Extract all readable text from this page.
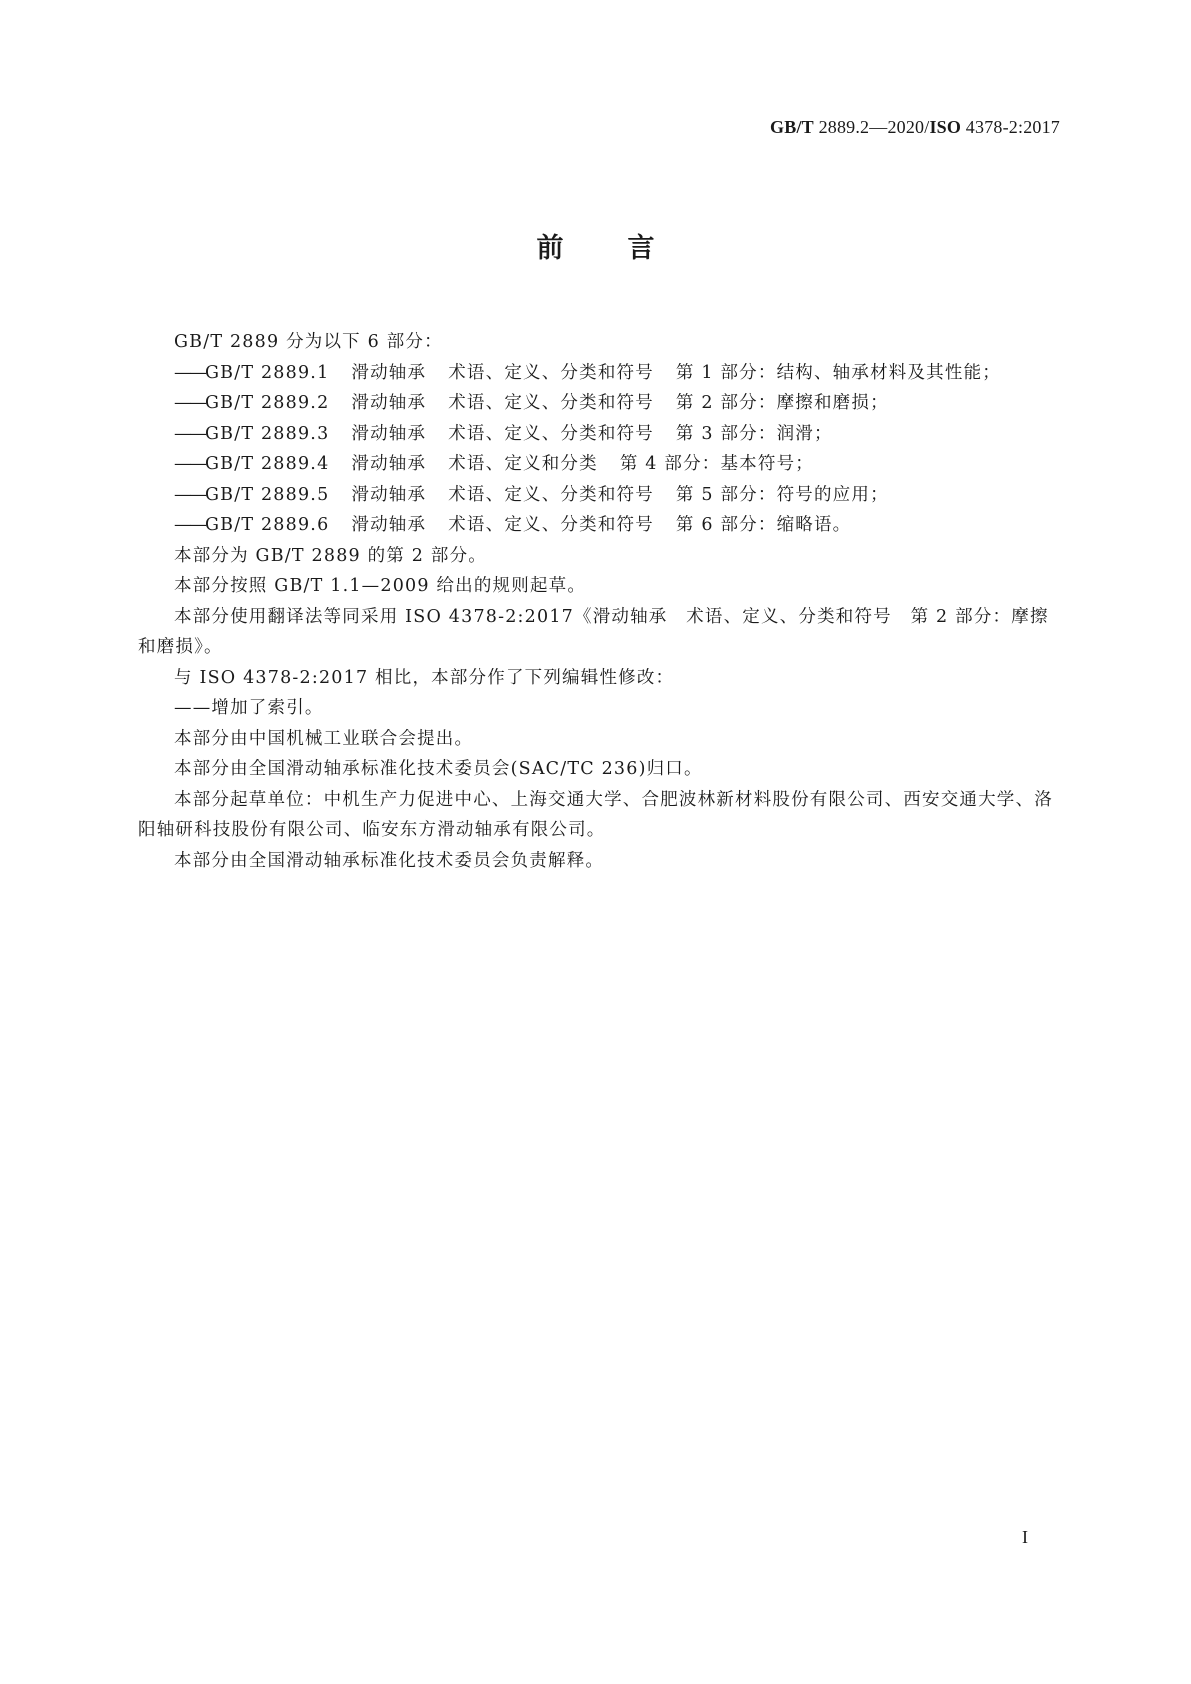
GB/T 2889.2—2020/ISO 4378-2:2017
前 言

GB/T 2889 分为以下 6 部分：

——GB/T 2889.1 滑动轴承 术语、定义、分类和符号 第 1 部分：结构、轴承材料及其性能；

——GB/T 2889.2 滑动轴承 术语、定义、分类和符号 第 2 部分：摩擦和磨损；

——GB/T 2889.3 滑动轴承 术语、定义、分类和符号 第 3 部分：润滑；

——GB/T 2889.4 滑动轴承 术语、定义和分类 第 4 部分：基本符号；

——GB/T 2889.5 滑动轴承 术语、定义、分类和符号 第 5 部分：符号的应用；

——GB/T 2889.6 滑动轴承 术语、定义、分类和符号 第 6 部分：缩略语。

本部分为 GB/T 2889 的第 2 部分。

本部分按照 GB/T 1.1—2009 给出的规则起草。

本部分使用翻译法等同采用 ISO 4378-2:2017《滑动轴承　术语、定义、分类和符号　第 2 部分：摩擦和磨损》。

与 ISO 4378-2:2017 相比，本部分作了下列编辑性修改：

——增加了索引。

本部分由中国机械工业联合会提出。

本部分由全国滑动轴承标准化技术委员会(SAC/TC 236)归口。

本部分起草单位：中机生产力促进中心、上海交通大学、合肥波林新材料股份有限公司、西安交通大学、洛阳轴研科技股份有限公司、临安东方滑动轴承有限公司。

本部分由全国滑动轴承标准化技术委员会负责解释。

I
